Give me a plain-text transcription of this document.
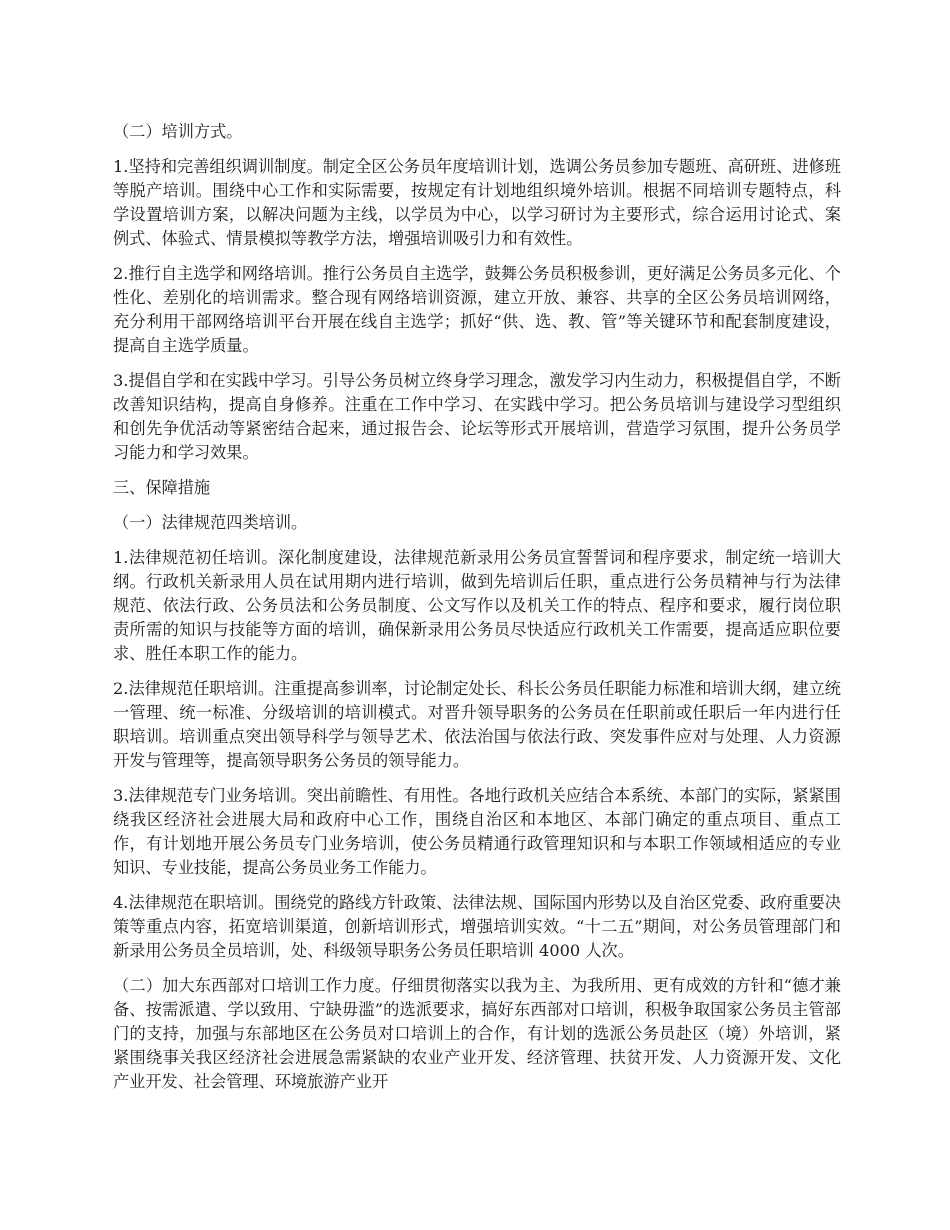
（二）培训方式。

1.坚持和完善组织调训制度。制定全区公务员年度培训计划，选调公务员参加专题班、高研班、进修班等脱产培训。围绕中心工作和实际需要，按规定有计划地组织境外培训。根据不同培训专题特点，科学设置培训方案，以解决问题为主线，以学员为中心，以学习研讨为主要形式，综合运用讨论式、案例式、体验式、情景模拟等教学方法，增强培训吸引力和有效性。

2.推行自主选学和网络培训。推行公务员自主选学，鼓舞公务员积极参训，更好满足公务员多元化、个性化、差别化的培训需求。整合现有网络培训资源，建立开放、兼容、共享的全区公务员培训网络，充分利用干部网络培训平台开展在线自主选学；抓好“供、选、教、管”等关键环节和配套制度建设，提高自主选学质量。

3.提倡自学和在实践中学习。引导公务员树立终身学习理念，激发学习内生动力，积极提倡自学，不断改善知识结构，提高自身修养。注重在工作中学习、在实践中学习。把公务员培训与建设学习型组织和创先争优活动等紧密结合起来，通过报告会、论坛等形式开展培训，营造学习氛围，提升公务员学习能力和学习效果。

三、保障措施

（一）法律规范四类培训。

1.法律规范初任培训。深化制度建设，法律规范新录用公务员宣誓誓词和程序要求，制定统一培训大纲。行政机关新录用人员在试用期内进行培训，做到先培训后任职，重点进行公务员精神与行为法律规范、依法行政、公务员法和公务员制度、公文写作以及机关工作的特点、程序和要求，履行岗位职责所需的知识与技能等方面的培训，确保新录用公务员尽快适应行政机关工作需要，提高适应职位要求、胜任本职工作的能力。

2.法律规范任职培训。注重提高参训率，讨论制定处长、科长公务员任职能力标准和培训大纲，建立统一管理、统一标准、分级培训的培训模式。对晋升领导职务的公务员在任职前或任职后一年内进行任职培训。培训重点突出领导科学与领导艺术、依法治国与依法行政、突发事件应对与处理、人力资源开发与管理等，提高领导职务公务员的领导能力。

3.法律规范专门业务培训。突出前瞻性、有用性。各地行政机关应结合本系统、本部门的实际，紧紧围绕我区经济社会进展大局和政府中心工作，围绕自治区和本地区、本部门确定的重点项目、重点工作，有计划地开展公务员专门业务培训，使公务员精通行政管理知识和与本职工作领域相适应的专业知识、专业技能，提高公务员业务工作能力。

4.法律规范在职培训。围绕党的路线方针政策、法律法规、国际国内形势以及自治区党委、政府重要决策等重点内容，拓宽培训渠道，创新培训形式，增强培训实效。“十二五”期间，对公务员管理部门和新录用公务员全员培训，处、科级领导职务公务员任职培训 4000 人次。

（二）加大东西部对口培训工作力度。仔细贯彻落实以我为主、为我所用、更有成效的方针和“德才兼备、按需派遣、学以致用、宁缺毋滥”的选派要求，搞好东西部对口培训，积极争取国家公务员主管部门的支持，加强与东部地区在公务员对口培训上的合作，有计划的选派公务员赴区（境）外培训，紧紧围绕事关我区经济社会进展急需紧缺的农业产业开发、经济管理、扶贫开发、人力资源开发、文化产业开发、社会管理、环境旅游产业开
